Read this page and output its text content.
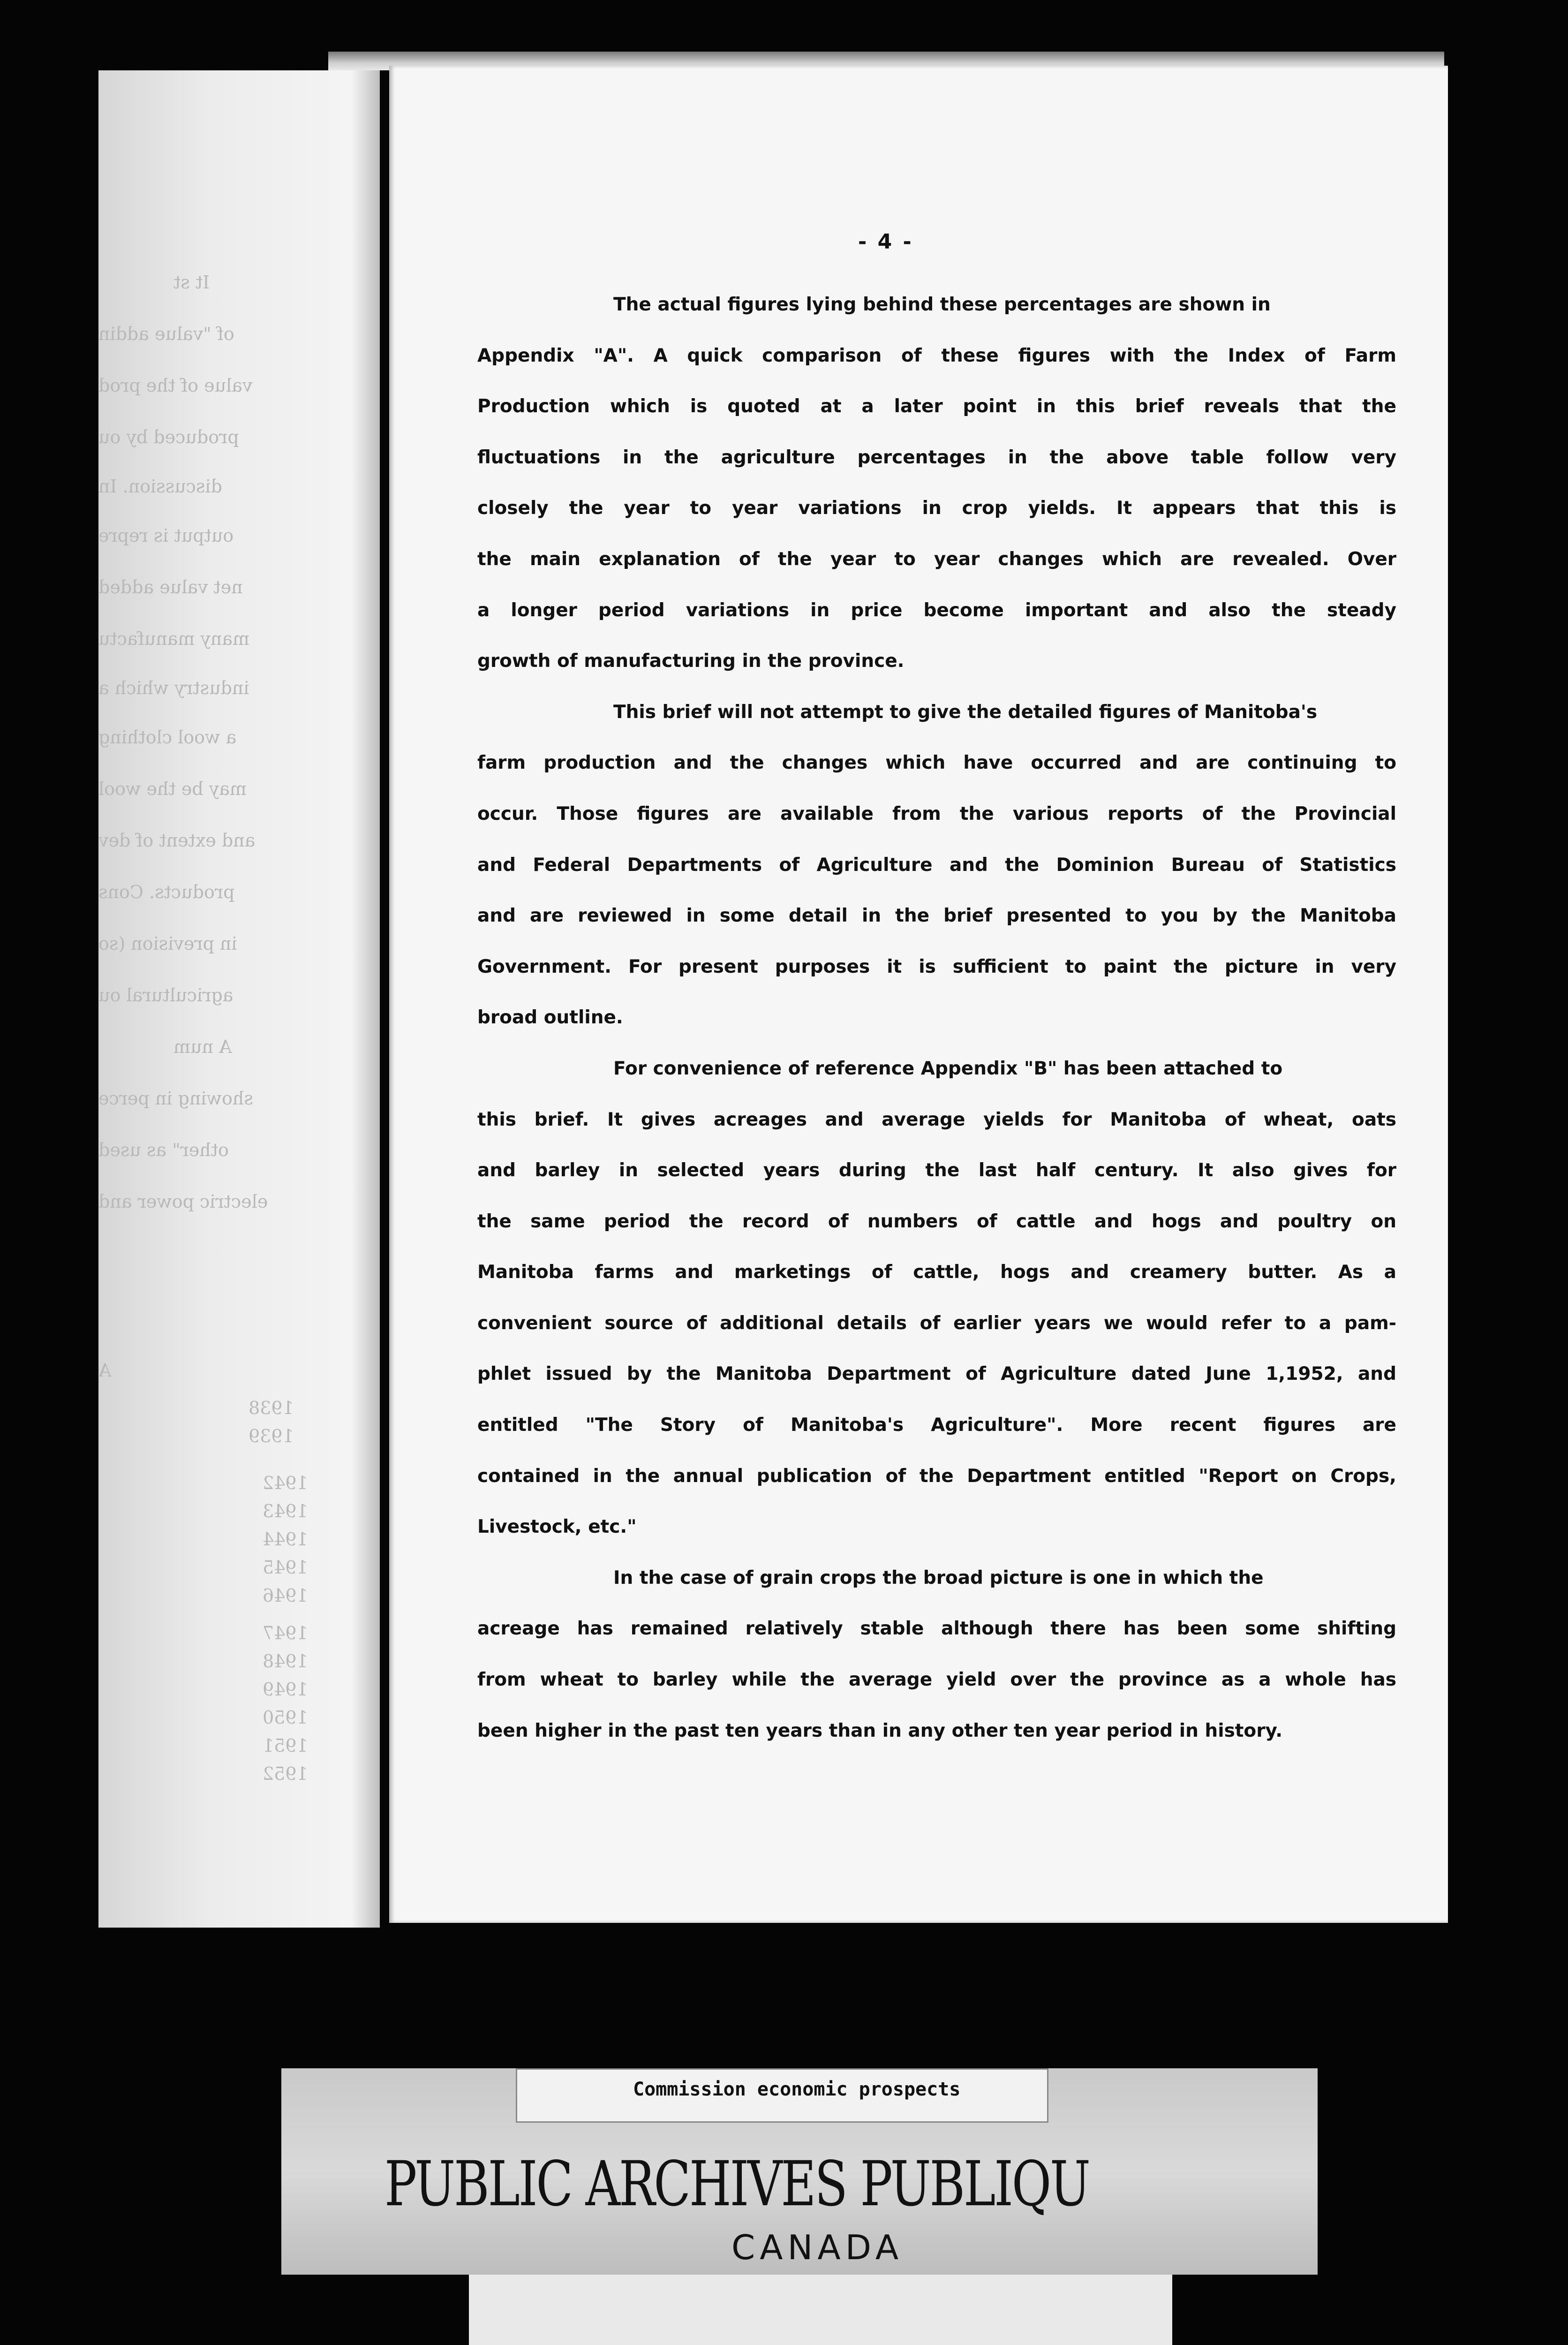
It st
of "value addin
value of the prod
produced by ou
discussion. In
output is repre
net value added
many manufactu
industry which a
a wool clothing
may be the wool
and extent of dev
products. Cons
in prevision (so
agricultural ou
A num
showing in perce
other" as used
electric power and
A
1938
1939
1942
1943
1944
1945
1946
1947
1948
1949
1950
1951
1952
- 4 -
The actual figures lying behind these percentages are shown in
Appendix "A". A quick comparison of these figures with the Index of Farm
Production which is quoted at a later point in this brief reveals that the
fluctuations in the agriculture percentages in the above table follow very
closely the year to year variations in crop yields. It appears that this is
the main explanation of the year to year changes which are revealed. Over
a longer period variations in price become important and also the steady
growth of manufacturing in the province.
This brief will not attempt to give the detailed figures of Manitoba's
farm production and the changes which have occurred and are continuing to
occur. Those figures are available from the various reports of the Provincial
and Federal Departments of Agriculture and the Dominion Bureau of Statistics
and are reviewed in some detail in the brief presented to you by the Manitoba
Government. For present purposes it is sufficient to paint the picture in very
broad outline.
For convenience of reference Appendix "B" has been attached to
this brief. It gives acreages and average yields for Manitoba of wheat, oats
and barley in selected years during the last half century. It also gives for
the same period the record of numbers of cattle and hogs and poultry on
Manitoba farms and marketings of cattle, hogs and creamery butter. As a
convenient source of additional details of earlier years we would refer to a pam-
phlet issued by the Manitoba Department of Agriculture dated June 1,1952, and
entitled "The Story of Manitoba's Agriculture". More recent figures are
contained in the annual publication of the Department entitled "Report on Crops,
Livestock, etc."
In the case of grain crops the broad picture is one in which the
acreage has remained relatively stable although there has been some shifting
from wheat to barley while the average yield over the province as a whole has
been higher in the past ten years than in any other ten year period in history.
Commission economic prospects
PUBLIC ARCHIVES PUBLIQU
CANADA
